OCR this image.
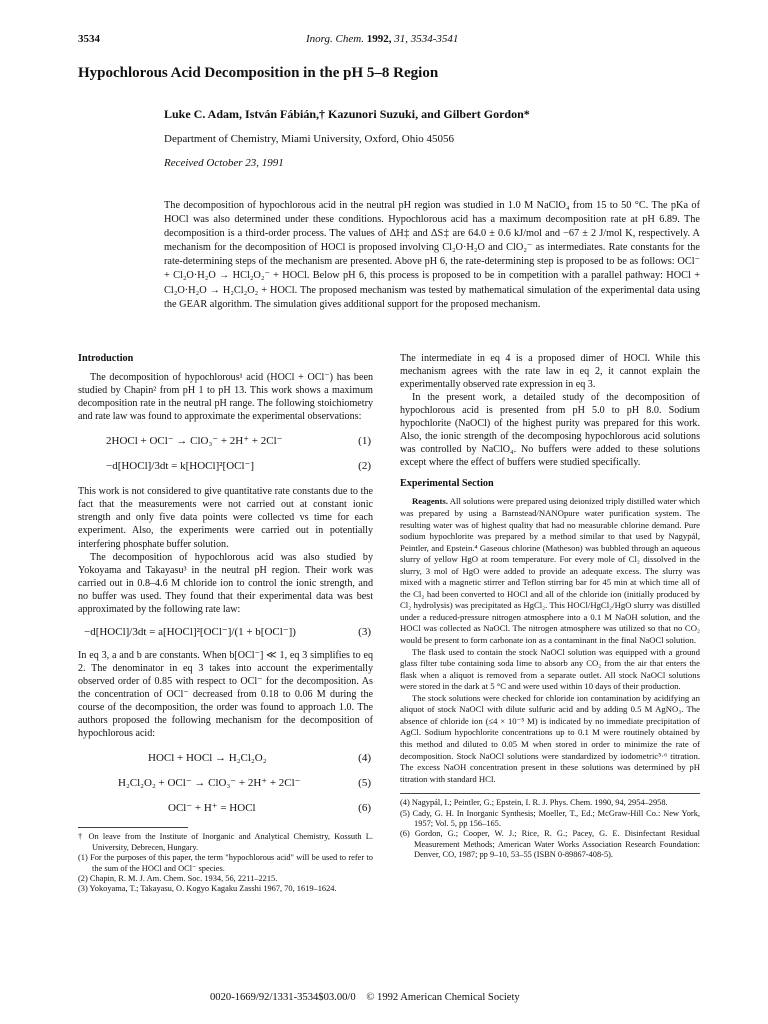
3534	Inorg. Chem. 1992, 31, 3534-3541
Hypochlorous Acid Decomposition in the pH 5–8 Region
Luke C. Adam, István Fábián,† Kazunori Suzuki, and Gilbert Gordon*
Department of Chemistry, Miami University, Oxford, Ohio 45056
Received October 23, 1991
The decomposition of hypochlorous acid in the neutral pH region was studied in 1.0 M NaClO₄ from 15 to 50 °C. The pKa of HOCl was also determined under these conditions. Hypochlorous acid has a maximum decomposition rate at pH 6.89. The decomposition is a third-order process. The values of ΔH‡ and ΔS‡ are 64.0 ± 0.6 kJ/mol and −67 ± 2 J/mol K, respectively. A mechanism for the decomposition of HOCl is proposed involving Cl₂O·H₂O and ClO₂⁻ as intermediates. Rate constants for the rate-determining steps of the mechanism are presented. Above pH 6, the rate-determining step is proposed to be as follows: OCl⁻ + Cl₂O·H₂O → HCl₂O₂⁻ + HOCl. Below pH 6, this process is proposed to be in competition with a parallel pathway: HOCl + Cl₂O·H₂O → H₂Cl₂O₂ + HOCl. The proposed mechanism was tested by mathematical simulation of the experimental data using the GEAR algorithm. The simulation gives additional support for the proposed mechanism.
Introduction

The decomposition of hypochlorous¹ acid (HOCl + OCl⁻) has been studied by Chapin² from pH 1 to pH 13. This work shows a maximum decomposition rate in the neutral pH range. The following stoichiometry and rate law was found to approximate the experimental observations:

2HOCl + OCl⁻ → ClO₃⁻ + 2H⁺ + 2Cl⁻	(1)
−d[HOCl]/3dt = k[HOCl]²[OCl⁻]	(2)

This work is not considered to give quantitative rate constants due to the fact that the measurements were not carried out at constant ionic strength and only five data points were collected vs time for each experiment. Also, the experiments were carried out in potentially interfering phosphate buffer solution.

The decomposition of hypochlorous acid was also studied by Yokoyama and Takayasu³ in the neutral pH region. Their work was carried out in 0.8–4.6 M chloride ion to control the ionic strength, and no buffer was used. They found that their experimental data was best approximated by the following rate law:

−d[HOCl]/3dt = a[HOCl]²[OCl⁻]/(1 + b[OCl⁻])	(3)

In eq 3, a and b are constants. When b[OCl⁻] ≪ 1, eq 3 simplifies to eq 2. The denominator in eq 3 takes into account the experimentally observed order of 0.85 with respect to OCl⁻ for the decomposition. As the concentration of OCl⁻ decreased from 0.18 to 0.06 M during the course of the decomposition, the order was found to approach 1.0. The authors proposed the following mechanism for the decomposition of hypochlorous acid:

HOCl + HOCl → H₂Cl₂O₂	(4)
H₂Cl₂O₂ + OCl⁻ → ClO₃⁻ + 2H⁺ + 2Cl⁻	(5)
OCl⁻ + H⁺ = HOCl	(6)

† On leave from the Institute of Inorganic and Analytical Chemistry, Kossuth L. University, Debrecen, Hungary.

(1) For the purposes of this paper, the term "hypochlorous acid" will be used to refer to the sum of the HOCl and OCl⁻ species.

(2) Chapin, R. M. J. Am. Chem. Soc. 1934, 56, 2211–2215.

(3) Yokoyama, T.; Takayasu, O. Kogyo Kagaku Zasshi 1967, 70, 1619–1624.

The intermediate in eq 4 is a proposed dimer of HOCl. While this mechanism agrees with the rate law in eq 2, it cannot explain the experimentally observed rate expression in eq 3.

In the present work, a detailed study of the decomposition of hypochlorous acid is presented from pH 5.0 to pH 8.0. Sodium hypochlorite (NaOCl) of the highest purity was prepared for this work. Also, the ionic strength of the decomposing hypochlorous acid solutions was controlled by NaClO₄. No buffers were added to these solutions except where the effect of buffers were studied specifically.

Experimental Section

Reagents. All solutions were prepared using deionized triply distilled water which was prepared by using a Barnstead/NANOpure water purification system. The resulting water was of highest quality that had no measurable chlorine demand. Pure sodium hypochlorite was prepared by a method similar to that used by Nagypál, Peintler, and Epstein.⁴ Gaseous chlorine (Matheson) was bubbled through an aqueous slurry of yellow HgO at room temperature. For every mole of Cl₂ dissolved in the slurry, 3 mol of HgO were added to provide an adequate excess. The slurry was mixed with a magnetic stirrer and Teflon stirring bar for 45 min at which time all of the Cl₂ had been converted to HOCl and all of the chloride ion (initially produced by Cl₂ hydrolysis) was precipitated as HgCl₂. This HOCl/HgCl₂/HgO slurry was distilled under a reduced-pressure nitrogen atmosphere into a 0.1 M NaOH solution, and the HOCl was collected as NaOCl. The nitrogen atmosphere was utilized so that no CO₂ would be present to form carbonate ion as a contaminant in the final NaOCl solution.

The flask used to contain the stock NaOCl solution was equipped with a ground glass filter tube containing soda lime to absorb any CO₂ from the air that enters the flask when a aliquot is removed from a separate outlet. All stock NaOCl solutions were stored in the dark at 5 °C and were used within 10 days of their production.

The stock solutions were checked for chloride ion contamination by acidifying an aliquot of stock NaOCl with dilute sulfuric acid and by adding 0.5 M AgNO₃. The absence of chloride ion (≤4 × 10⁻⁵ M) is indicated by no immediate precipitation of AgCl. Sodium hypochlorite concentrations up to 0.1 M were routinely obtained by this method and diluted to 0.05 M when stored in order to minimize the rate of decomposition. Stock NaOCl solutions were standardized by iodometric⁵·⁶ titration. The excess NaOH concentration present in these solutions was determined by pH titration with standard HCl.

(4) Nagypál, I.; Peintler, G.; Epstein, I. R. J. Phys. Chem. 1990, 94, 2954–2958.

(5) Cady, G. H. In Inorganic Synthesis; Moeller, T., Ed.; McGraw-Hill Co.: New York, 1957; Vol. 5, pp 156–165.

(6) Gordon, G.; Cooper, W. J.; Rice, R. G.; Pacey, G. E. Disinfectant Residual Measurement Methods; American Water Works Association Research Foundation: Denver, CO, 1987; pp 9–10, 53–55 (ISBN 0-89867-408-5).

0020-1669/92/1331-3534$03.00/0 © 1992 American Chemical Society
